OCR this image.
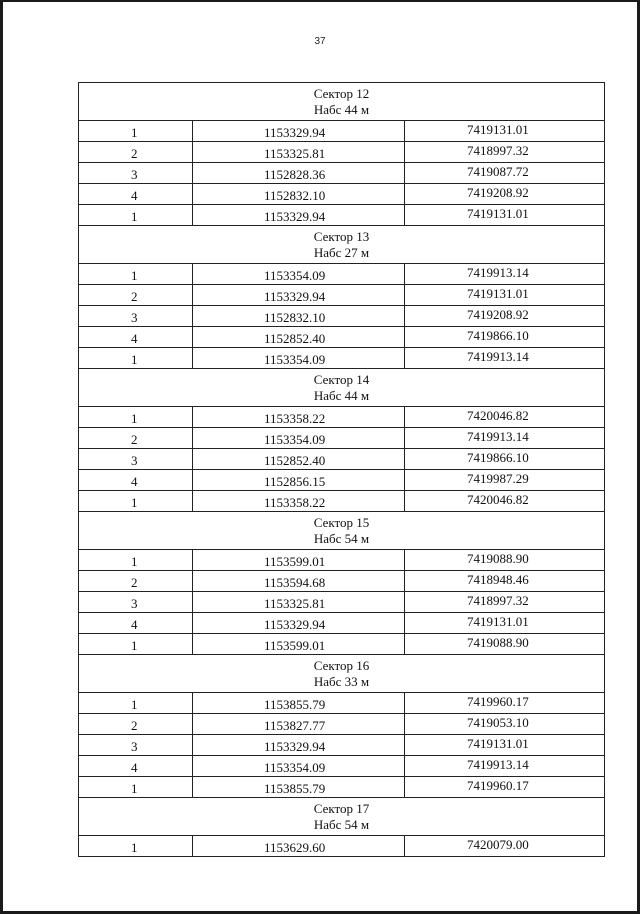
37
Сектор 12
Набс 44 м		

1	1153329.94	7419131.01
2	1153325.81	7418997.32
3	1152828.36	7419087.72
4	1152832.10	7419208.92
1	1153329.94	7419131.01

Сектор 13
Набс 27 м		

1	1153354.09	7419913.14
2	1153329.94	7419131.01
3	1152832.10	7419208.92
4	1152852.40	7419866.10
1	1153354.09	7419913.14

Сектор 14
Набс 44 м		

1	1153358.22	7420046.82
2	1153354.09	7419913.14
3	1152852.40	7419866.10
4	1152856.15	7419987.29
1	1153358.22	7420046.82

Сектор 15
Набс 54 м		

1	1153599.01	7419088.90
2	1153594.68	7418948.46
3	1153325.81	7418997.32
4	1153329.94	7419131.01
1	1153599.01	7419088.90

Сектор 16
Набс 33 м		

1	1153855.79	7419960.17
2	1153827.77	7419053.10
3	1153329.94	7419131.01
4	1153354.09	7419913.14
1	1153855.79	7419960.17

Сектор 17
Набс 54 м		

1	1153629.60	7420079.00
